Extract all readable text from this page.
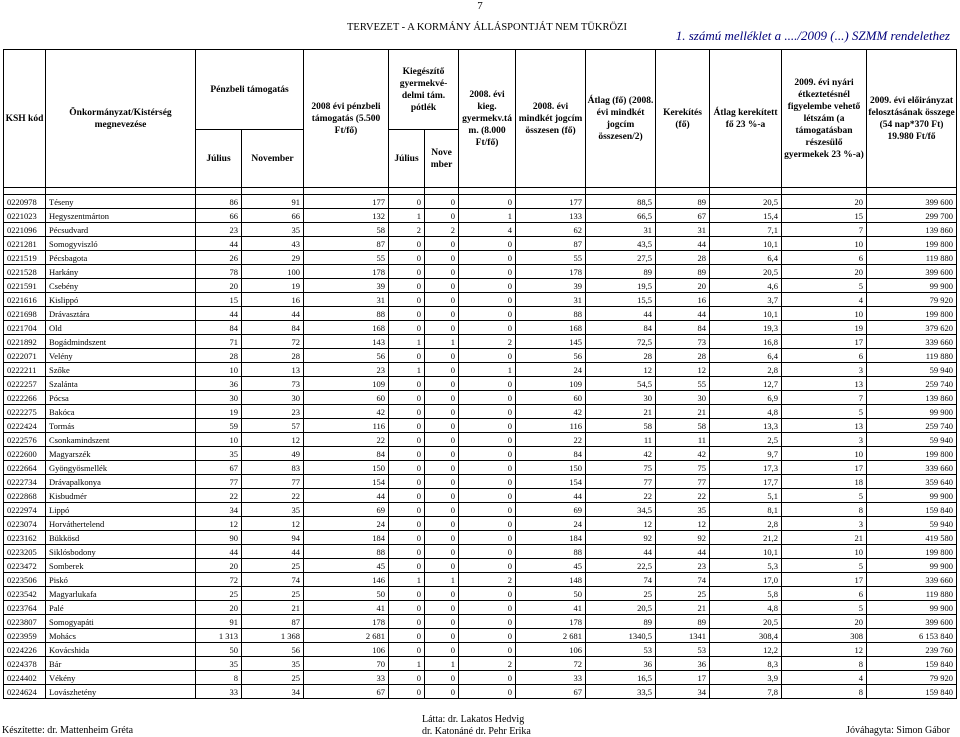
7
TERVEZET - A KORMÁNY ÁLLÁSPONTJÁT NEM TÜKRÖZI
1. számú melléklet a ..../2009 (...) SZMM rendelethez
KSH kód	Önkormányzat/Kistérség megnevezése	Pénzbeli támogatás		2008 évi pénzbeli támogatás (5.500 Ft/fő)	Kiegészítő gyermekvé-delmi tám. pótlék		2008. évi kieg. gyermekv.tá m. (8.000 Ft/fő)	2008. évi mindkét jogcím összesen (fő)	Átlag (fő) (2008. évi mindkét jogcím összesen/2)	Kerekítés (fő)	Átlag kerekített fő 23 %-a	2009. évi nyári étkeztetésnél figyelembe vehető létszám (a támogatásban részesülő gyermekek 23 %-a)	2009. évi előirányzat felosztásának összege (54 nap*370 Ft) 19.980 Ft/fő
		Július	November		Július	Nove mber							

0220978	Téseny	86	91	177	0	0	0	177	88,5	89	20,5	20	399 600
0221023	Hegyszentmárton	66	66	132	1	0	1	133	66,5	67	15,4	15	299 700
0221096	Pécsudvard	23	35	58	2	2	4	62	31	31	7,1	7	139 860
0221281	Somogyviszló	44	43	87	0	0	0	87	43,5	44	10,1	10	199 800
0221519	Pécsbagota	26	29	55	0	0	0	55	27,5	28	6,4	6	119 880
0221528	Harkány	78	100	178	0	0	0	178	89	89	20,5	20	399 600
0221591	Csebény	20	19	39	0	0	0	39	19,5	20	4,6	5	99 900
0221616	Kislippó	15	16	31	0	0	0	31	15,5	16	3,7	4	79 920
0221698	Drávasztára	44	44	88	0	0	0	88	44	44	10,1	10	199 800
0221704	Old	84	84	168	0	0	0	168	84	84	19,3	19	379 620
0221892	Bogádmindszent	71	72	143	1	1	2	145	72,5	73	16,8	17	339 660
0222071	Velény	28	28	56	0	0	0	56	28	28	6,4	6	119 880
0222211	Szőke	10	13	23	1	0	1	24	12	12	2,8	3	59 940
0222257	Szalánta	36	73	109	0	0	0	109	54,5	55	12,7	13	259 740
0222266	Pócsa	30	30	60	0	0	0	60	30	30	6,9	7	139 860
0222275	Bakóca	19	23	42	0	0	0	42	21	21	4,8	5	99 900
0222424	Tormás	59	57	116	0	0	0	116	58	58	13,3	13	259 740
0222576	Csonkamindszent	10	12	22	0	0	0	22	11	11	2,5	3	59 940
0222600	Magyarszék	35	49	84	0	0	0	84	42	42	9,7	10	199 800
0222664	Gyöngyösmellék	67	83	150	0	0	0	150	75	75	17,3	17	339 660
0222734	Drávapalkonya	77	77	154	0	0	0	154	77	77	17,7	18	359 640
0222868	Kisbudmér	22	22	44	0	0	0	44	22	22	5,1	5	99 900
0222974	Lippó	34	35	69	0	0	0	69	34,5	35	8,1	8	159 840
0223074	Horváthertelend	12	12	24	0	0	0	24	12	12	2,8	3	59 940
0223162	Bükkösd	90	94	184	0	0	0	184	92	92	21,2	21	419 580
0223205	Siklósbodony	44	44	88	0	0	0	88	44	44	10,1	10	199 800
0223472	Somberek	20	25	45	0	0	0	45	22,5	23	5,3	5	99 900
0223506	Piskó	72	74	146	1	1	2	148	74	74	17,0	17	339 660
0223542	Magyarlukafa	25	25	50	0	0	0	50	25	25	5,8	6	119 880
0223764	Palé	20	21	41	0	0	0	41	20,5	21	4,8	5	99 900
0223807	Somogyapáti	91	87	178	0	0	0	178	89	89	20,5	20	399 600
0223959	Mohács	1 313	1 368	2 681	0	0	0	2 681	1340,5	1341	308,4	308	6 153 840
0224226	Kovácshida	50	56	106	0	0	0	106	53	53	12,2	12	239 760
0224378	Bár	35	35	70	1	1	2	72	36	36	8,3	8	159 840
0224402	Vékény	8	25	33	0	0	0	33	16,5	17	3,9	4	79 920
0224624	Lovászhetény	33	34	67	0	0	0	67	33,5	34	7,8	8	159 840
Készítette: dr. Mattenheim Gréta
Látta: dr. Lakatos Hedvig
dr. Katonáné dr. Pehr Erika	Jóváhagyta: Simon Gábor
